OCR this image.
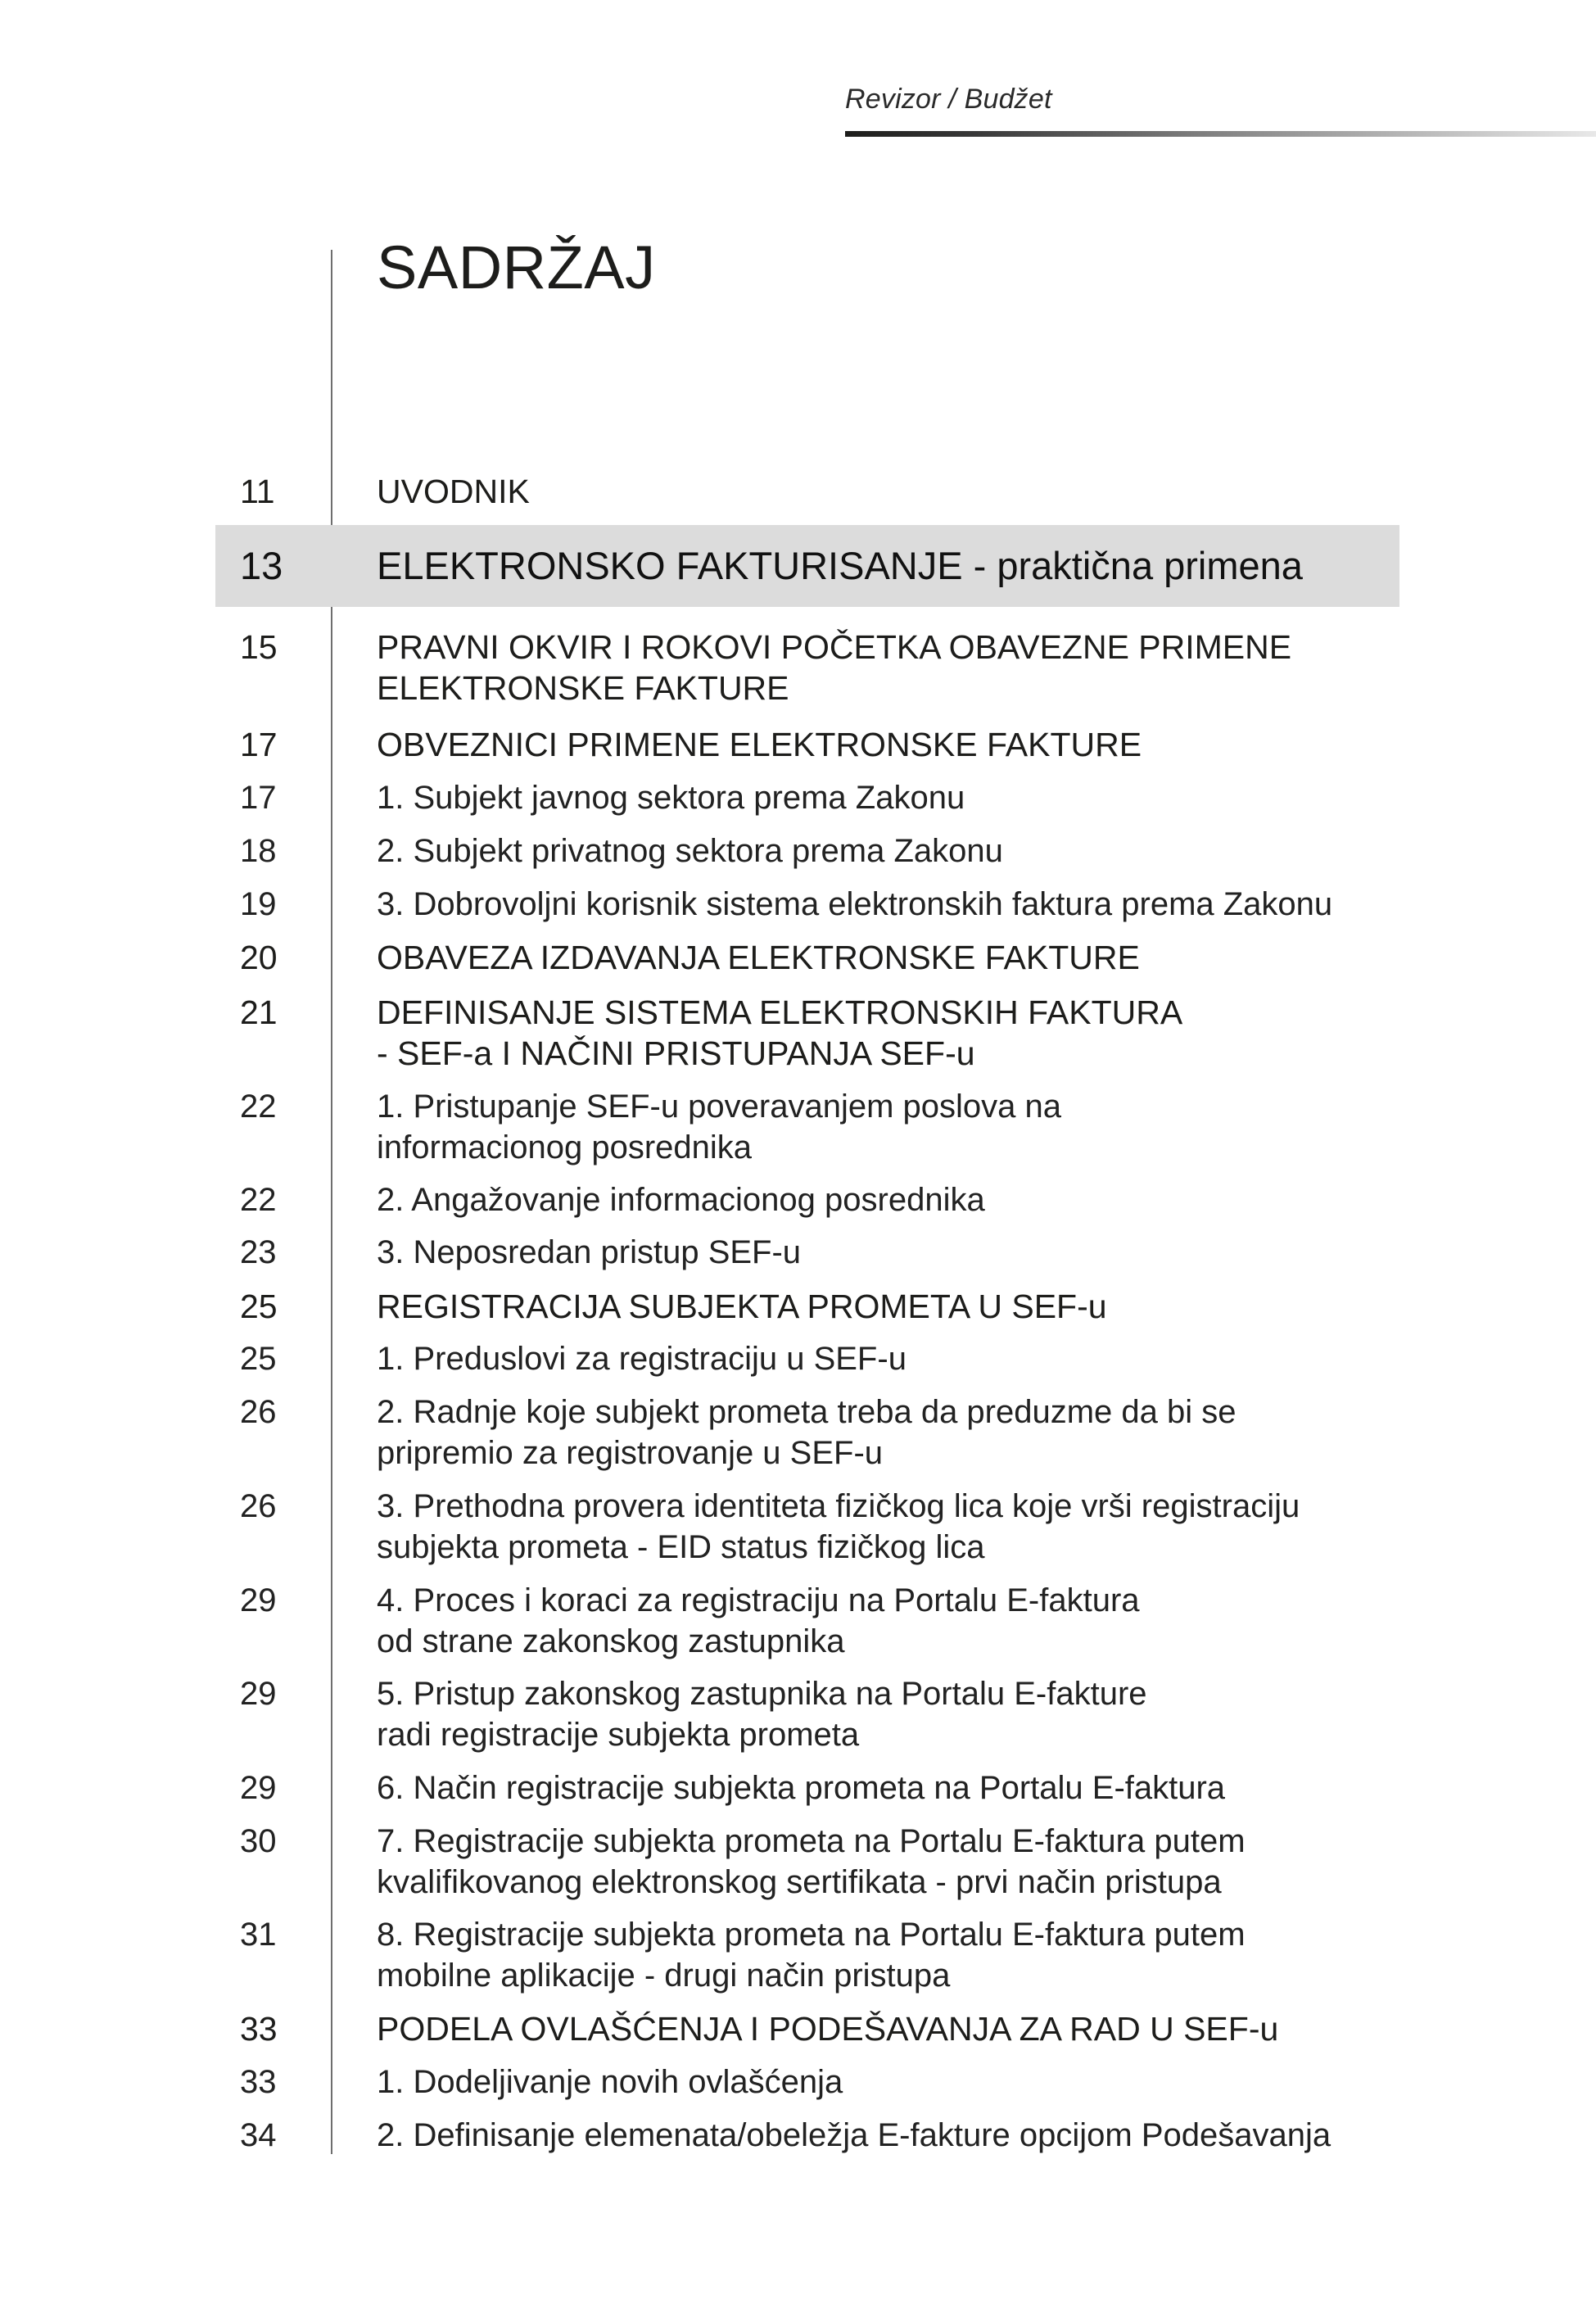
Revizor / Budžet
SADRŽAJ
11	UVODNIK
13 ELEKTRONSKO FAKTURISANJE - praktična primena
15	PRAVNI OKVIR I ROKOVI POČETKA OBAVEZNE PRIMENE
ELEKTRONSKE FAKTURE
17	OBVEZNICI PRIMENE ELEKTRONSKE FAKTURE
17	1. Subjekt javnog sektora prema Zakonu
18	2. Subjekt privatnog sektora prema Zakonu
19	3. Dobrovoljni korisnik sistema elektronskih faktura prema Zakonu
20	OBAVEZA IZDAVANJA ELEKTRONSKE FAKTURE
21	DEFINISANJE SISTEMA ELEKTRONSKIH FAKTURA
- SEF-a I NAČINI PRISTUPANJA SEF-u
22	1. Pristupanje SEF-u poveravanjem poslova na
informacionog posrednika
22	2. Angažovanje informacionog posrednika
23	3. Neposredan pristup SEF-u
25	REGISTRACIJA SUBJEKTA PROMETA U SEF-u
25	1. Preduslovi za registraciju u SEF-u
26	2. Radnje koje subjekt prometa treba da preduzme da bi se
pripremio za registrovanje u SEF-u
26	3. Prethodna provera identiteta fizičkog lica koje vrši registraciju
subjekta prometa - EID status fizičkog lica
29	4. Proces i koraci za registraciju na Portalu E-faktura
od strane zakonskog zastupnika
29	5. Pristup zakonskog zastupnika na Portalu E-fakture
radi registracije subjekta prometa
29	6. Način registracije subjekta prometa na Portalu E-faktura
30	7. Registracije subjekta prometa na Portalu E-faktura putem
kvalifikovanog elektronskog sertifikata - prvi način pristupa
31	8. Registracije subjekta prometa na Portalu E-faktura putem
mobilne aplikacije - drugi način pristupa
33	PODELA OVLAŠĆENJA I PODEŠAVANJA ZA RAD U SEF-u
33	1. Dodeljivanje novih ovlašćenja
34	2. Definisanje elemenata/obeležja E-fakture opcijom Podešavanja
